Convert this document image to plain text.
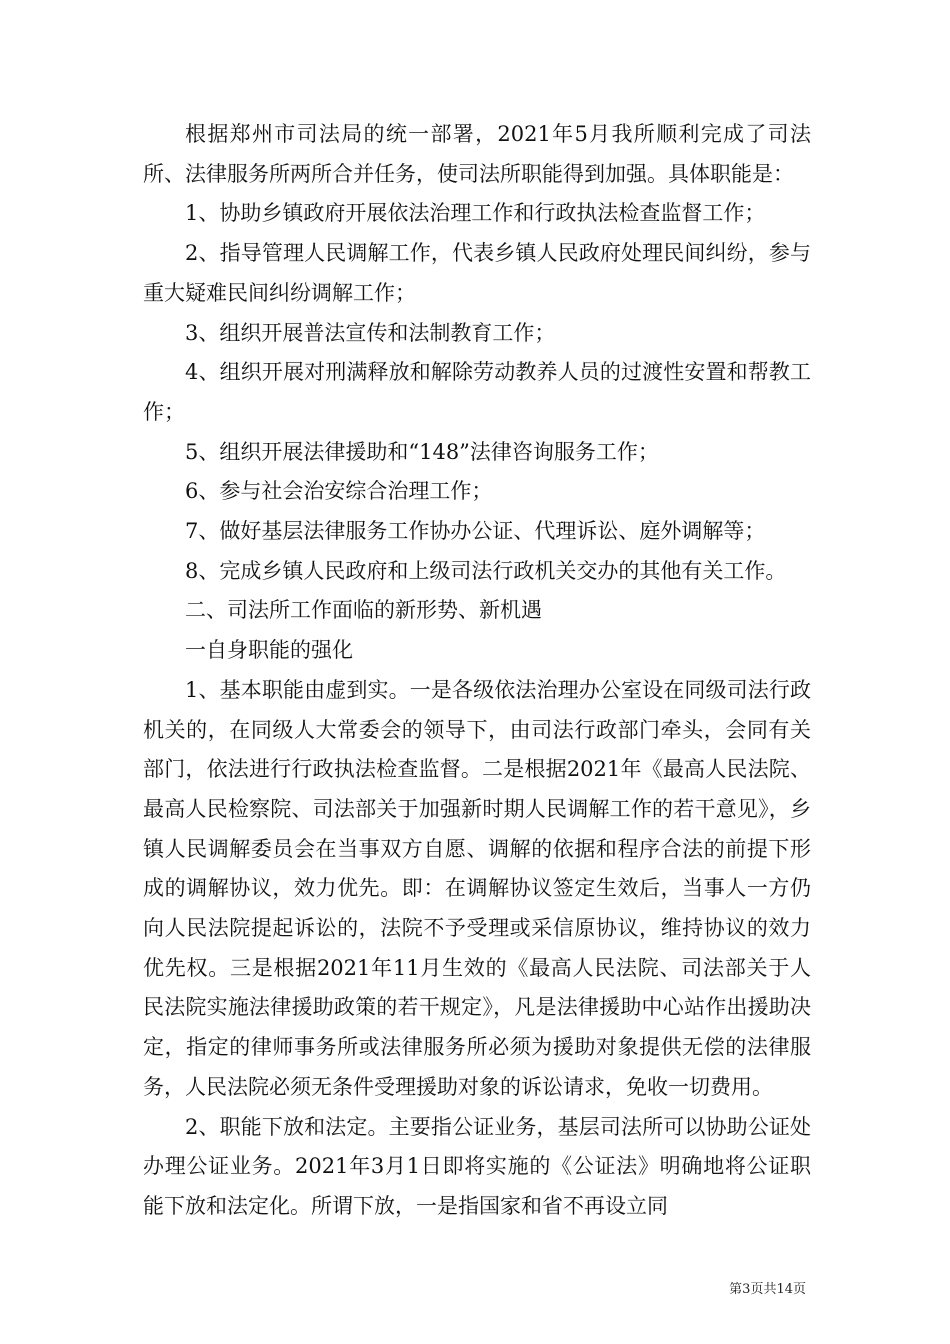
根据郑州市司法局的统一部署，2021年5月我所顺利完成了司法所、法律服务所两所合并任务，使司法所职能得到加强。具体职能是：

1、协助乡镇政府开展依法治理工作和行政执法检查监督工作；

2、指导管理人民调解工作，代表乡镇人民政府处理民间纠纷，参与重大疑难民间纠纷调解工作；

3、组织开展普法宣传和法制教育工作；

4、组织开展对刑满释放和解除劳动教养人员的过渡性安置和帮教工作；

5、组织开展法律援助和“148”法律咨询服务工作；

6、参与社会治安综合治理工作；

7、做好基层法律服务工作协办公证、代理诉讼、庭外调解等；

8、完成乡镇人民政府和上级司法行政机关交办的其他有关工作。

二、司法所工作面临的新形势、新机遇

一自身职能的强化

1、基本职能由虚到实。一是各级依法治理办公室设在同级司法行政机关的，在同级人大常委会的领导下，由司法行政部门牵头，会同有关部门，依法进行行政执法检查监督。二是根据2021年《最高人民法院、最高人民检察院、司法部关于加强新时期人民调解工作的若干意见》，乡镇人民调解委员会在当事双方自愿、调解的依据和程序合法的前提下形成的调解协议，效力优先。即：在调解协议签定生效后，当事人一方仍向人民法院提起诉讼的，法院不予受理或采信原协议，维持协议的效力优先权。三是根据2021年11月生效的《最高人民法院、司法部关于人民法院实施法律援助政策的若干规定》，凡是法律援助中心站作出援助决定，指定的律师事务所或法律服务所必须为援助对象提供无偿的法律服务，人民法院必须无条件受理援助对象的诉讼请求，免收一切费用。

2、职能下放和法定。主要指公证业务，基层司法所可以协助公证处办理公证业务。2021年3月1日即将实施的《公证法》明确地将公证职能下放和法定化。所谓下放，一是指国家和省不再设立同

第3页共14页
